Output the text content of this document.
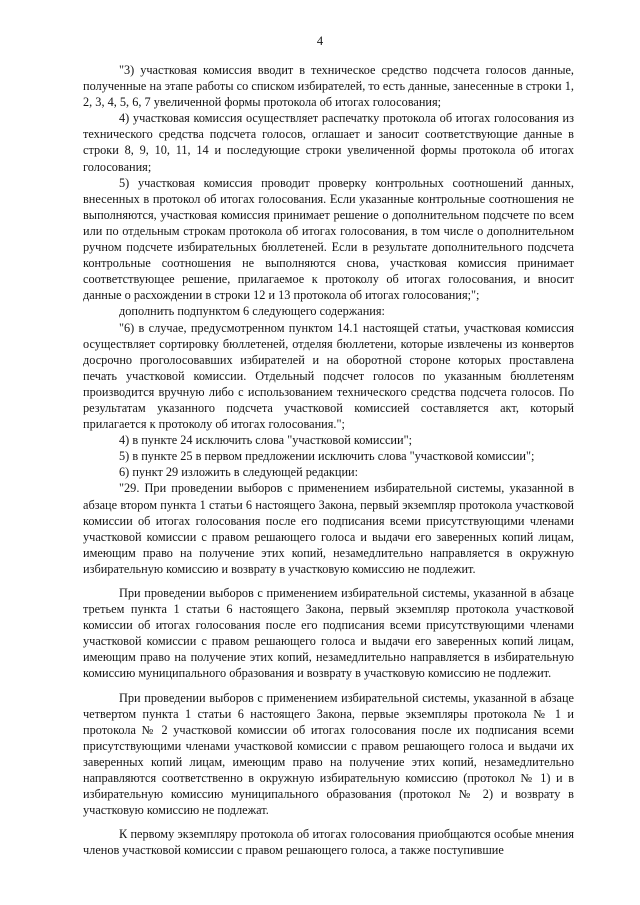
4

"3) участковая комиссия вводит в техническое средство подсчета голосов данные, полученные на этапе работы со списком избирателей, то есть данные, занесенные в строки 1, 2, 3, 4, 5, 6, 7 увеличенной формы протокола об итогах голосования;

4) участковая комиссия осуществляет распечатку протокола об итогах голосования из технического средства подсчета голосов, оглашает и заносит соответствующие данные в строки 8, 9, 10, 11, 14 и последующие строки увеличенной формы протокола об итогах голосования;

5) участковая комиссия проводит проверку контрольных соотношений данных, внесенных в протокол об итогах голосования. Если указанные контрольные соотношения не выполняются, участковая комиссия принимает решение о дополнительном подсчете по всем или по отдельным строкам протокола об итогах голосования, в том числе о дополнительном ручном подсчете избирательных бюллетеней. Если в результате дополнительного подсчета контрольные соотношения не выполняются снова, участковая комиссия принимает соответствующее решение, прилагаемое к протоколу об итогах голосования, и вносит данные о расхождении в строки 12 и 13 протокола об итогах голосования;";

дополнить подпунктом 6 следующего содержания:

"6) в случае, предусмотренном пунктом 14.1 настоящей статьи, участковая комиссия осуществляет сортировку бюллетеней, отделяя бюллетени, которые извлечены из конвертов досрочно проголосовавших избирателей и на оборотной стороне которых проставлена печать участковой комиссии. Отдельный подсчет голосов по указанным бюллетеням производится вручную либо с использованием технического средства подсчета голосов. По результатам указанного подсчета участковой комиссией составляется акт, который прилагается к протоколу об итогах голосования.";

4) в пункте 24 исключить слова "участковой комиссии";

5) в пункте 25 в первом предложении исключить слова "участковой комиссии";

6) пункт 29 изложить в следующей редакции:

"29. При проведении выборов с применением избирательной системы, указанной в абзаце втором пункта 1 статьи 6 настоящего Закона, первый экземпляр протокола участковой комиссии об итогах голосования после его подписания всеми присутствующими членами участковой комиссии с правом решающего голоса и выдачи его заверенных копий лицам, имеющим право на получение этих копий, незамедлительно направляется в окружную избирательную комиссию и возврату в участковую комиссию не подлежит.

При проведении выборов с применением избирательной системы, указанной в абзаце третьем пункта 1 статьи 6 настоящего Закона, первый экземпляр протокола участковой комиссии об итогах голосования после его подписания всеми присутствующими членами участковой комиссии с правом решающего голоса и выдачи его заверенных копий лицам, имеющим право на получение этих копий, незамедлительно направляется в избирательную комиссию муниципального образования и возврату в участковую комиссию не подлежит.

При проведении выборов с применением избирательной системы, указанной в абзаце четвертом пункта 1 статьи 6 настоящего Закона, первые экземпляры протокола № 1 и протокола № 2 участковой комиссии об итогах голосования после их подписания всеми присутствующими членами участковой комиссии с правом решающего голоса и выдачи их заверенных копий лицам, имеющим право на получение этих копий, незамедлительно направляются соответственно в окружную избирательную комиссию (протокол № 1) и в избирательную комиссию муниципального образования (протокол № 2) и возврату в участковую комиссию не подлежат.

К первому экземпляру протокола об итогах голосования приобщаются особые мнения членов участковой комиссии с правом решающего голоса, а также поступившие
